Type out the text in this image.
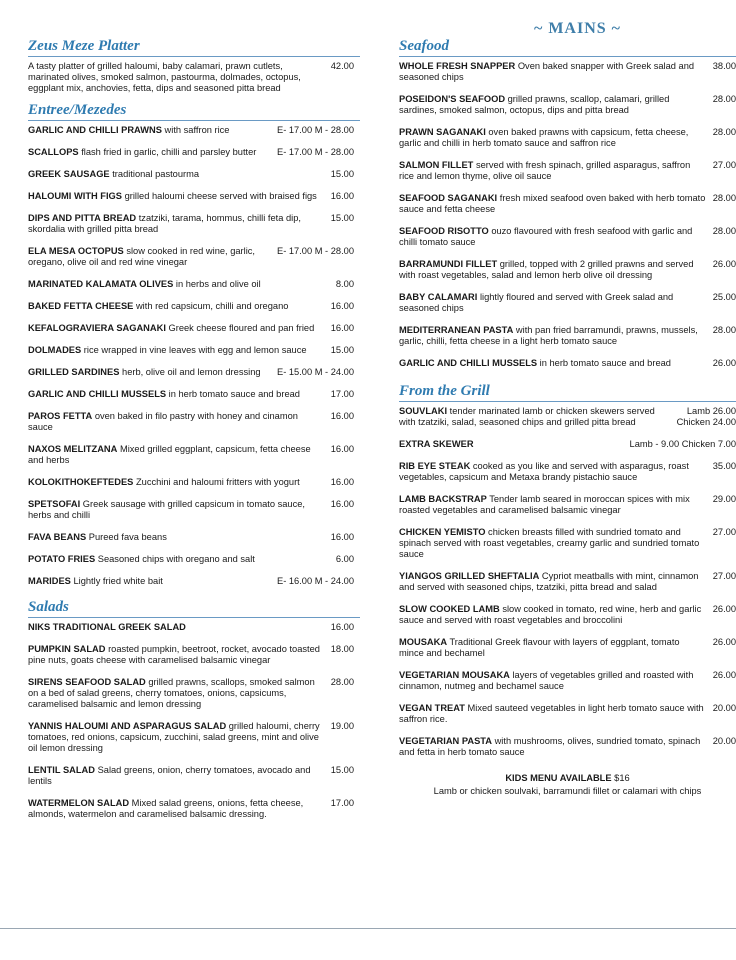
Zeus Meze Platter
A tasty platter of grilled haloumi, baby calamari, prawn cutlets, marinated olives, smoked salmon, pastourma, dolmades, octopus, eggplant mix, anchovies, fetta, dips and seasoned pitta bread
42.00
Entree/Mezedes
GARLIC AND CHILLI PRAWNS with saffron rice	E- 17.00 M - 28.00
SCALLOPS flash fried in garlic, chilli and parsley butter	E- 17.00 M - 28.00
GREEK SAUSAGE traditional pastourma	15.00
HALOUMI WITH FIGS grilled haloumi cheese served with braised figs	16.00
DIPS AND PITTA BREAD tzatziki, tarama, hommus, chilli feta dip, skordalia with grilled pitta bread
15.00
ELA MESA OCTOPUS slow cooked in red wine, garlic, oregano, olive oil and red wine vinegar
E- 17.00 M - 28.00
MARINATED KALAMATA OLIVES in herbs and olive oil	8.00
BAKED FETTA CHEESE with red capsicum, chilli and oregano	16.00
KEFALOGRAVIERA SAGANAKI Greek cheese floured and pan fried	16.00
DOLMADES rice wrapped in vine leaves with egg and lemon sauce	15.00
GRILLED SARDINES herb, olive oil and lemon dressing	E- 15.00 M - 24.00
GARLIC AND CHILLI MUSSELS in herb tomato sauce and bread	17.00
PAROS FETTA oven baked in filo pastry with honey and cinamon sauce
16.00
NAXOS MELITZANA Mixed grilled eggplant, capsicum, fetta cheese and herbs
16.00
KOLOKITHOKEFTEDES Zucchini and haloumi fritters with yogurt	16.00
SPETSOFAI Greek sausage with grilled capsicum in tomato sauce, herbs and chilli
16.00
FAVA BEANS Pureed fava beans	16.00
POTATO FRIES Seasoned chips with oregano and salt	6.00
MARIDES Lightly fried white bait	E- 16.00 M - 24.00
Salads
NIKS TRADITIONAL GREEK SALAD	16.00
PUMPKIN SALAD roasted pumpkin, beetroot, rocket, avocado toasted pine nuts, goats cheese with caramelised balsamic vinegar
18.00
SIRENS SEAFOOD SALAD grilled prawns, scallops, smoked salmon on a bed of salad greens, cherry tomatoes, onions, capsicums, caramelised balsamic and lemon dressing
28.00
YANNIS HALOUMI AND ASPARAGUS SALAD grilled haloumi, cherry tomatoes, red onions, capsicum, zucchini, salad greens, mint and olive oil lemon dressing
19.00
LENTIL SALAD Salad greens, onion, cherry tomatoes, avocado and lentils
15.00
WATERMELON SALAD Mixed salad greens, onions, fetta cheese, almonds, watermelon and caramelised balsamic dressing.
17.00
~ MAINS ~
Seafood
WHOLE FRESH SNAPPER Oven baked snapper with Greek salad and seasoned chips
38.00
POSEIDON'S SEAFOOD grilled prawns, scallop, calamari, grilled sardines, smoked salmon, octopus, dips and pitta bread
28.00
PRAWN SAGANAKI oven baked prawns with capsicum, fetta cheese, garlic and chilli in herb tomato sauce and saffron rice
28.00
SALMON FILLET served with fresh spinach, grilled asparagus, saffron rice and lemon thyme, olive oil sauce
27.00
SEAFOOD SAGANAKI fresh mixed seafood oven baked with herb tomato sauce and fetta cheese
28.00
SEAFOOD RISOTTO ouzo flavoured with fresh seafood with garlic and chilli tomato sauce
28.00
BARRAMUNDI FILLET grilled, topped with 2 grilled prawns and served with roast vegetables, salad and lemon herb olive oil dressing
26.00
BABY CALAMARI lightly floured and served with Greek salad and seasoned chips
25.00
MEDITERRANEAN PASTA with pan fried barramundi, prawns, mussels, garlic, chilli, fetta cheese in a light herb tomato sauce
28.00
GARLIC AND CHILLI MUSSELS in herb tomato sauce and bread	26.00
From the Grill
SOUVLAKI tender marinated lamb or chicken skewers served with tzatziki, salad, seasoned chips and grilled pitta bread
Lamb 26.00
Chicken 24.00
EXTRA SKEWER	Lamb - 9.00 Chicken 7.00
RIB EYE STEAK cooked as you like and served with asparagus, roast vegetables, capsicum and Metaxa brandy pistachio sauce
35.00
LAMB BACKSTRAP Tender lamb seared in moroccan spices with mix roasted vegetables and caramelised balsamic vinegar
29.00
CHICKEN YEMISTO chicken breasts filled with sundried tomato and spinach served with roast vegetables, creamy garlic and sundried tomato sauce
27.00
YIANGOS GRILLED SHEFTALIA Cypriot meatballs with mint, cinnamon and served with seasoned chips, tzatziki, pitta bread and salad
27.00
SLOW COOKED LAMB slow cooked in tomato, red wine, herb and garlic sauce and served with roast vegetables and broccolini
26.00
MOUSAKA Traditional Greek flavour with layers of eggplant, tomato mince and bechamel
26.00
VEGETARIAN MOUSAKA layers of vegetables grilled and roasted with cinnamon, nutmeg and bechamel sauce
26.00
VEGAN TREAT Mixed sauteed vegetables in light herb tomato sauce with saffron rice.
20.00
VEGETARIAN PASTA with mushrooms, olives, sundried tomato, spinach and fetta in herb tomato sauce
20.00
KIDS MENU AVAILABLE $16
Lamb or chicken soulvaki, barramundi fillet or calamari with chips
